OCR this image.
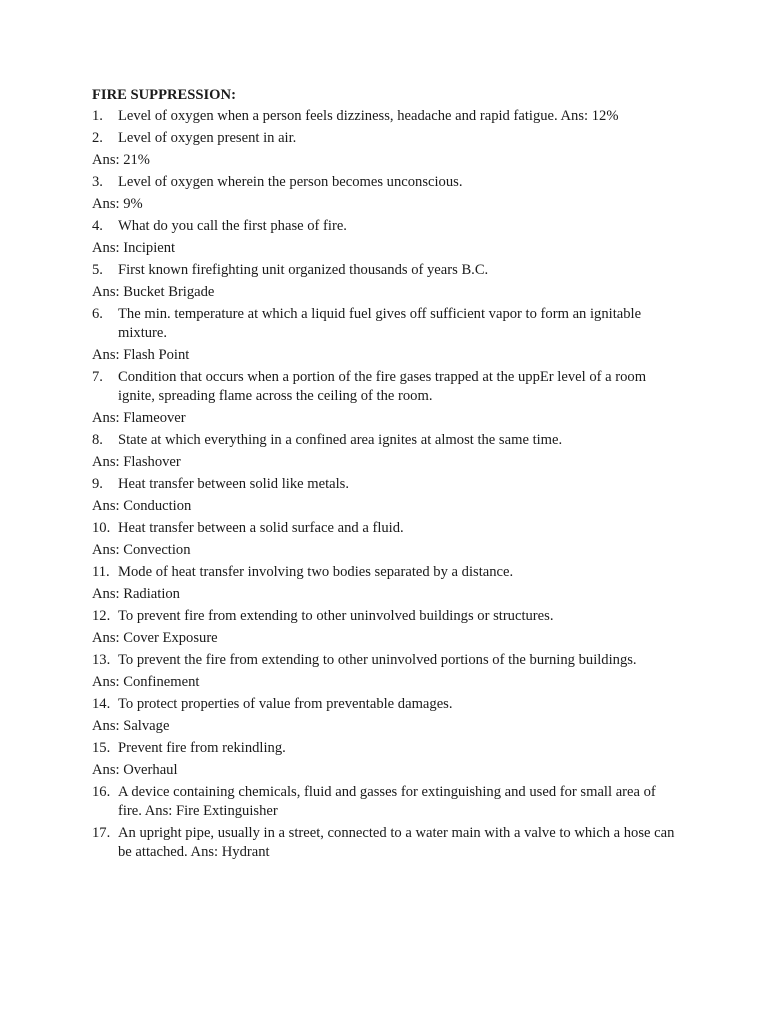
FIRE SUPPRESSION:
1.	Level of oxygen when a person feels dizziness, headache and rapid fatigue. Ans: 12%
2.	Level of oxygen present in air.
Ans: 21%
3.	Level of oxygen wherein the person becomes unconscious.
Ans: 9%
4.	What do you call the first phase of fire.
Ans: Incipient
5.	First known firefighting unit organized thousands of years B.C.
Ans: Bucket Brigade
6.	The min. temperature at which a liquid fuel gives off sufficient vapor to form an ignitable mixture.
Ans: Flash Point
7.	Condition that occurs when a portion of the fire gases trapped at the uppEr level of a room ignite, spreading flame across the ceiling of the room.
Ans: Flameover
8.	State at which everything in a confined area ignites at almost the same time.
Ans: Flashover
9.	Heat transfer between solid like metals.
Ans: Conduction
10. Heat transfer between a solid surface and a fluid.
Ans: Convection
11. Mode of heat transfer involving two bodies separated by a distance.
Ans: Radiation
12. To prevent fire from extending to other uninvolved buildings or structures.
Ans: Cover Exposure
13. To prevent the fire from extending to other uninvolved portions of the burning buildings.
Ans: Confinement
14. To protect properties of value from preventable damages.
Ans: Salvage
15. Prevent fire from rekindling.
Ans: Overhaul
16. A device containing chemicals, fluid and gasses for extinguishing and used for small area of fire. Ans: Fire Extinguisher
17. An upright pipe, usually in a street, connected to a water main with a valve to which a hose can be attached. Ans: Hydrant
